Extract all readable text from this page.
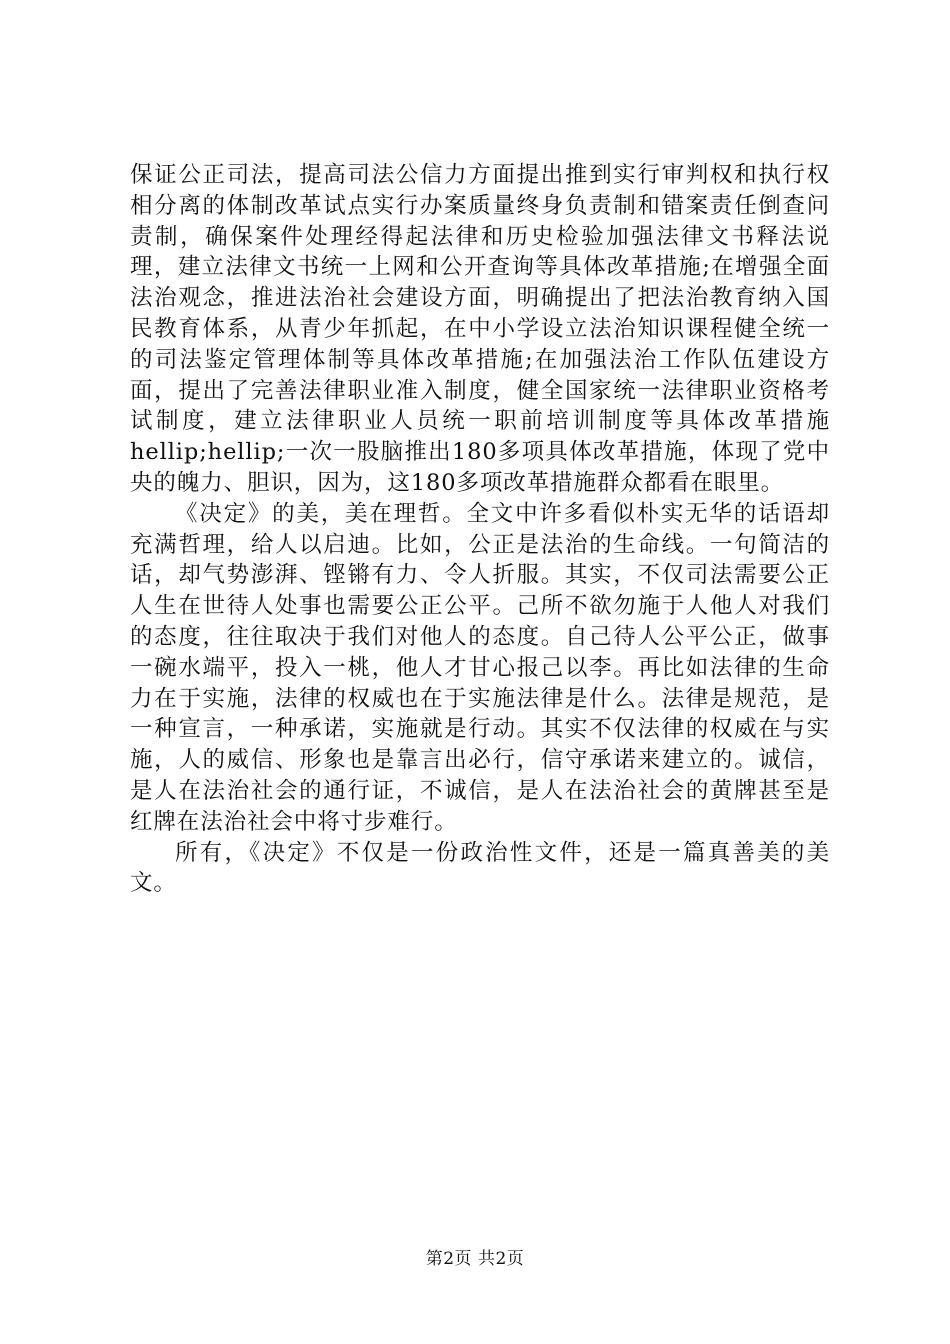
保证公正司法，提高司法公信力方面提出推到实行审判权和执行权相分离的体制改革试点实行办案质量终身负责制和错案责任倒查问责制，确保案件处理经得起法律和历史检验加强法律文书释法说理，建立法律文书统一上网和公开查询等具体改革措施;在增强全面法治观念，推进法治社会建设方面，明确提出了把法治教育纳入国民教育体系，从青少年抓起，在中小学设立法治知识课程健全统一的司法鉴定管理体制等具体改革措施;在加强法治工作队伍建设方面，提出了完善法律职业准入制度，健全国家统一法律职业资格考试制度，建立法律职业人员统一职前培训制度等具体改革措施hellip;hellip;一次一股脑推出180多项具体改革措施，体现了党中央的魄力、胆识，因为，这180多项改革措施群众都看在眼里。

《决定》的美，美在理哲。全文中许多看似朴实无华的话语却充满哲理，给人以启迪。比如，公正是法治的生命线。一句简洁的话，却气势澎湃、铿锵有力、令人折服。其实，不仅司法需要公正人生在世待人处事也需要公正公平。己所不欲勿施于人他人对我们的态度，往往取决于我们对他人的态度。自己待人公平公正，做事一碗水端平，投入一桃，他人才甘心报己以李。再比如法律的生命力在于实施，法律的权威也在于实施法律是什么。法律是规范，是一种宣言，一种承诺，实施就是行动。其实不仅法律的权威在与实施，人的威信、形象也是靠言出必行，信守承诺来建立的。诚信，是人在法治社会的通行证，不诚信，是人在法治社会的黄牌甚至是红牌在法治社会中将寸步难行。

所有，《决定》不仅是一份政治性文件，还是一篇真善美的美文。

第2页 共2页
